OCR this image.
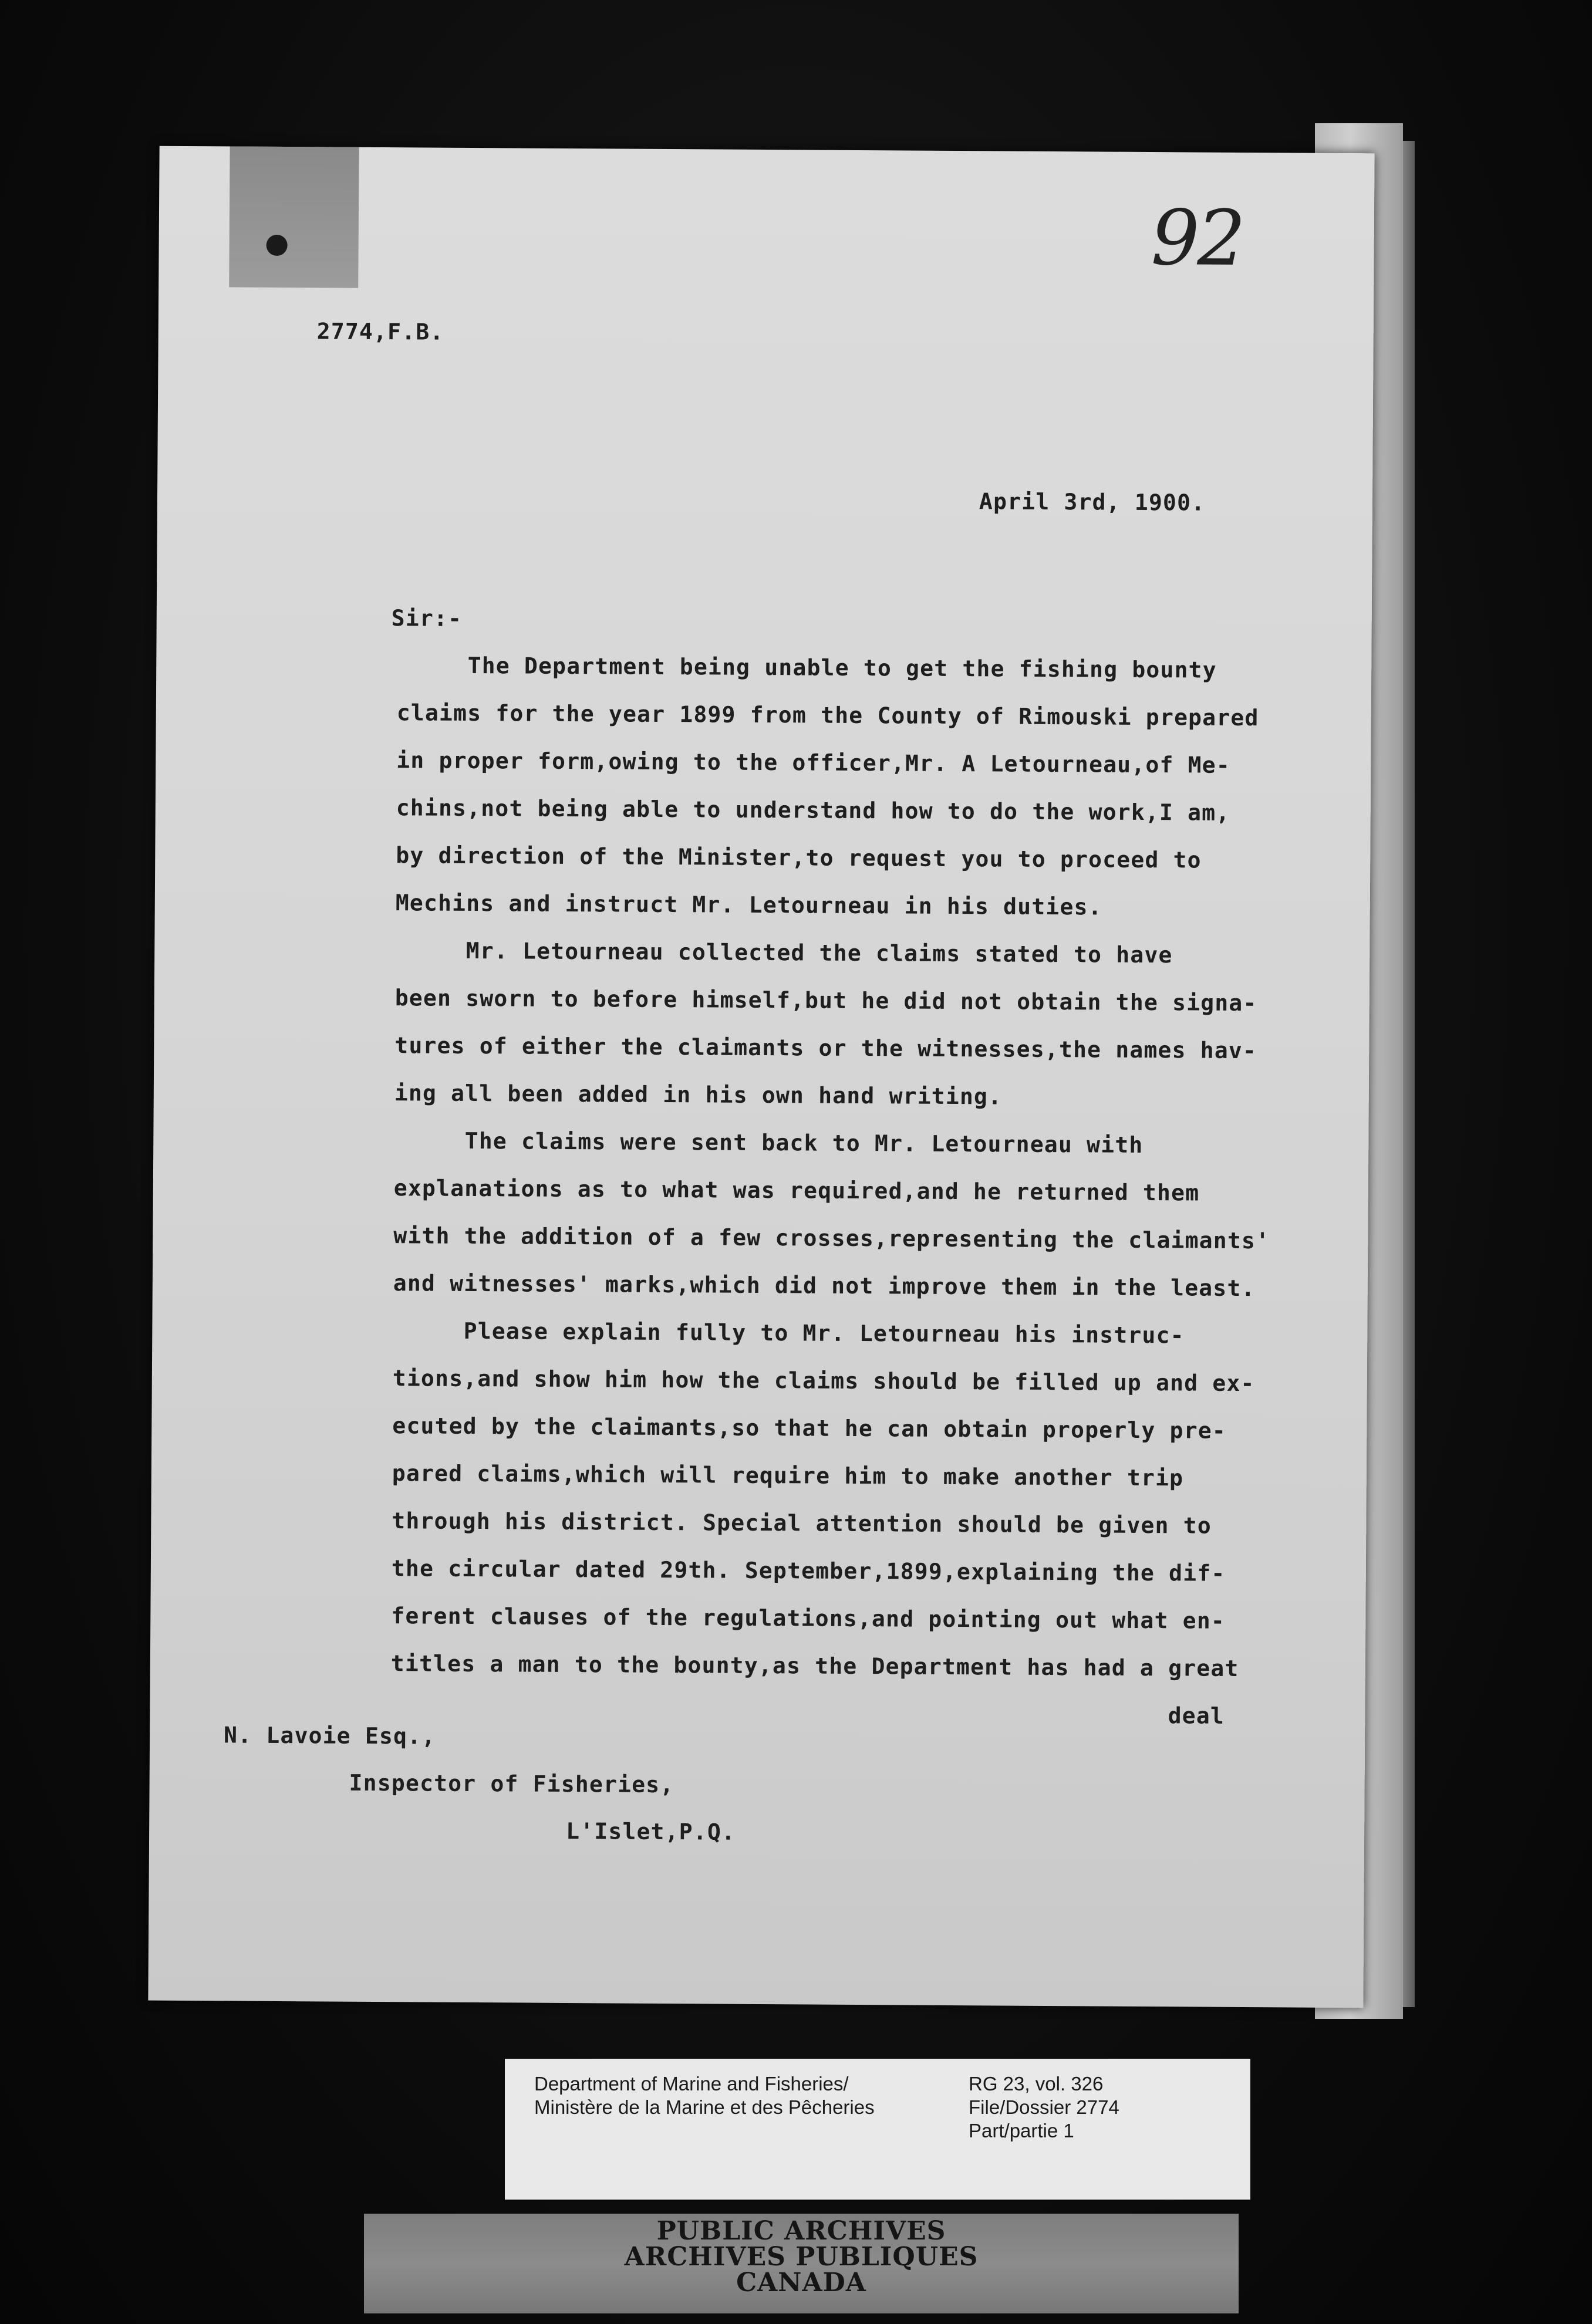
92
2774,F.B.
April 3rd, 1900.
Sir:-
The Department being unable to get the fishing bounty
claims for the year 1899 from the County of Rimouski prepared
in proper form,owing to the officer,Mr. A Letourneau,of Me-
chins,not being able to understand how to do the work,I am,
by direction of the Minister,to request you to proceed to
Mechins and instruct Mr. Letourneau in his duties.
Mr. Letourneau collected the claims stated to have
been sworn to before himself,but he did not obtain the signa-
tures of either the claimants or the witnesses,the names hav-
ing all been added in his own hand writing.
The claims were sent back to Mr. Letourneau with
explanations as to what was required,and he returned them
with the addition of a few crosses,representing the claimants'
and witnesses' marks,which did not improve them in the least.
Please explain fully to Mr. Letourneau his instruc-
tions,and show him how the claims should be filled up and ex-
ecuted by the claimants,so that he can obtain properly pre-
pared claims,which will require him to make another trip
through his district. Special attention should be given to
the circular dated 29th. September,1899,explaining the dif-
ferent clauses of the regulations,and pointing out what en-
titles a man to the bounty,as the Department has had a great
deal
N. Lavoie Esq.,
Inspector of Fisheries,
L'Islet,P.Q.
Department of Marine and Fisheries/
Ministère de la Marine et des Pêcheries
RG 23, vol. 326
File/Dossier 2774
Part/partie 1
PUBLIC ARCHIVES
ARCHIVES PUBLIQUES
CANADA
